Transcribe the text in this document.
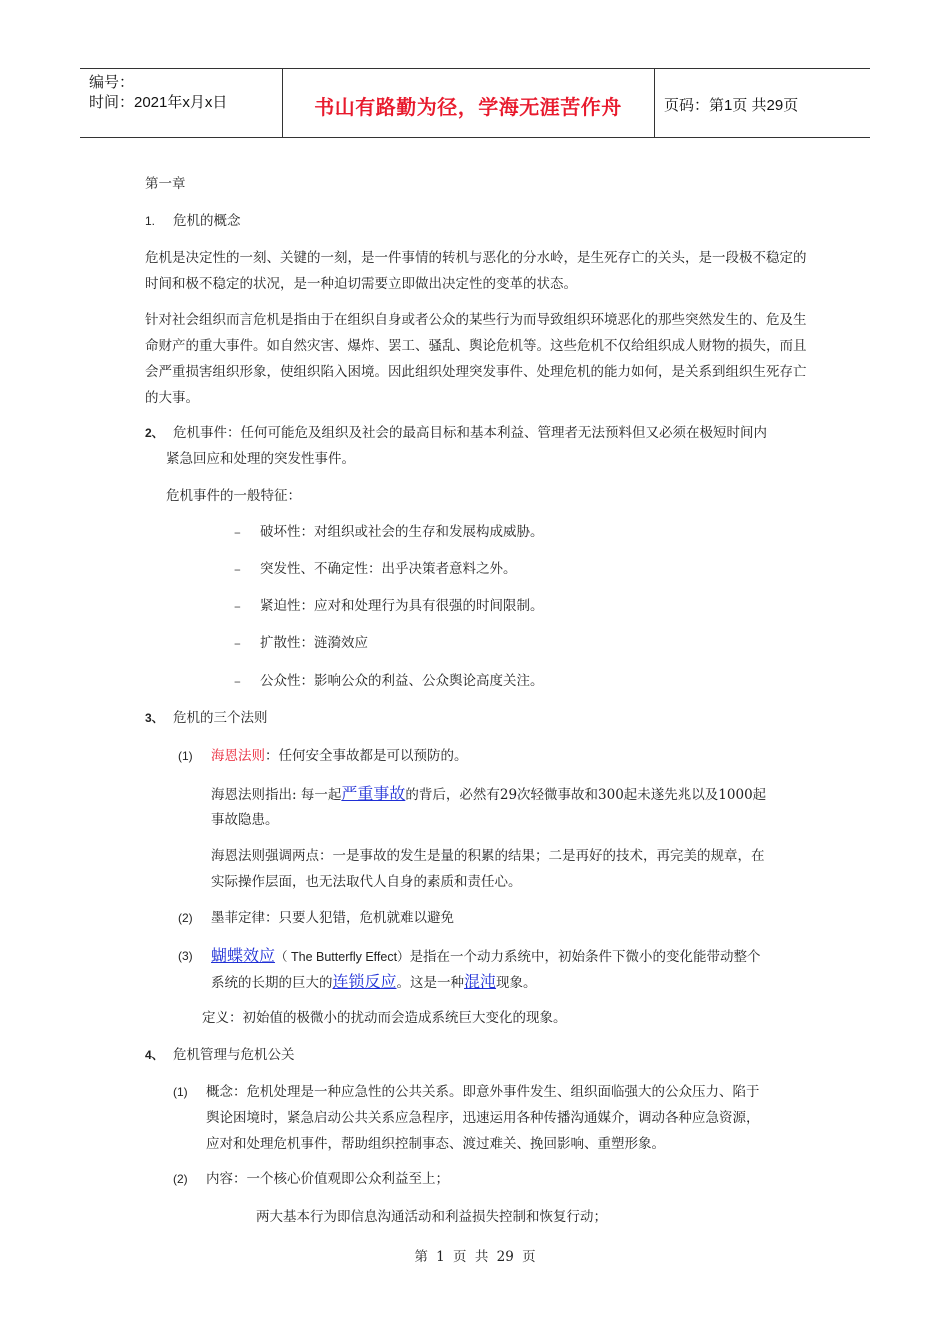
编号：
时间：2021年x月x日	书山有路勤为径，学海无涯苦作舟	页码：第1页 共29页
第一章
1. 危机的概念
危机是决定性的一刻、关键的一刻，是一件事情的转机与恶化的分水岭，是生死存亡的关头，是一段极不稳定的时间和极不稳定的状况，是一种迫切需要立即做出决定性的变革的状态。
针对社会组织而言危机是指由于在组织自身或者公众的某些行为而导致组织环境恶化的那些突然发生的、危及生命财产的重大事件。如自然灾害、爆炸、罢工、骚乱、舆论危机等。这些危机不仅给组织成人财物的损失，而且会严重损害组织形象，使组织陷入困境。因此组织处理突发事件、处理危机的能力如何，是关系到组织生死存亡的大事。
2、 危机事件：任何可能危及组织及社会的最高目标和基本利益、管理者无法预料但又必须在极短时间内
紧急回应和处理的突发性事件。
危机事件的一般特征：
– 破坏性：对组织或社会的生存和发展构成威胁。
– 突发性、不确定性：出乎决策者意料之外。
– 紧迫性：应对和处理行为具有很强的时间限制。
– 扩散性：涟漪效应
– 公众性：影响公众的利益、公众舆论高度关注。
3、 危机的三个法则
(1) 海恩法则：任何安全事故都是可以预防的。
海恩法则指出: 每一起严重事故的背后，必然有29次轻微事故和300起未遂先兆以及1000起
事故隐患。
海恩法则强调两点：一是事故的发生是量的积累的结果；二是再好的技术，再完美的规章，在
实际操作层面，也无法取代人自身的素质和责任心。
(2) 墨菲定律：只要人犯错，危机就难以避免
(3) 蝴蝶效应（ The Butterfly Effect）是指在一个动力系统中，初始条件下微小的变化能带动整个
系统的长期的巨大的连锁反应。这是一种混沌现象。
定义：初始值的极微小的扰动而会造成系统巨大变化的现象。
4、 危机管理与危机公关
(1) 概念：危机处理是一种应急性的公共关系。即意外事件发生、组织面临强大的公众压力、陷于
舆论困境时，紧急启动公共关系应急程序，迅速运用各种传播沟通媒介，调动各种应急资源，
应对和处理危机事件，帮助组织控制事态、渡过难关、挽回影响、重塑形象。
(2) 内容：一个核心价值观即公众利益至上；
两大基本行为即信息沟通活动和利益损失控制和恢复行动；
第 1 页 共 29 页
